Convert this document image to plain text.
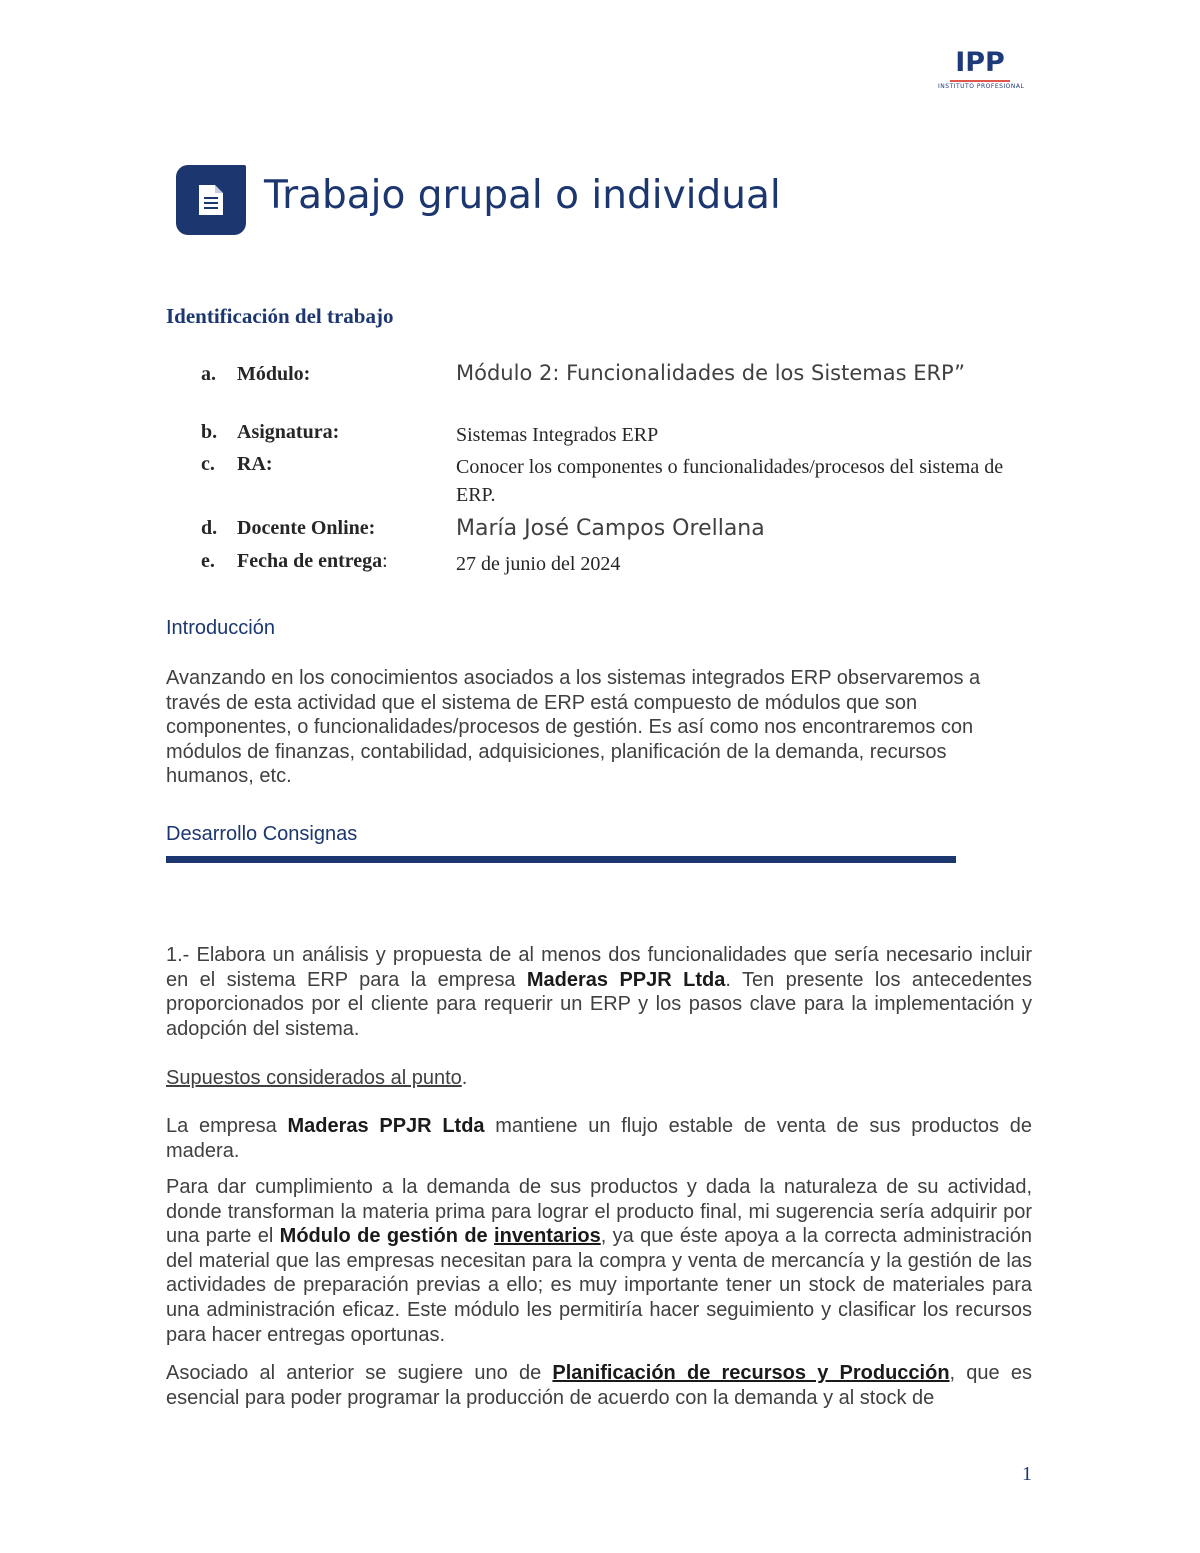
IPP
INSTITUTO PROFESIONAL
Trabajo grupal o individual
Identificación del trabajo
a. Módulo:	Módulo 2: Funcionalidades de los Sistemas ERP”
b. Asignatura:	Sistemas Integrados ERP
c. RA:	Conocer los componentes o funcionalidades/procesos del sistema de ERP.
d. Docente Online:	María José Campos Orellana
e. Fecha de entrega:	27 de junio del 2024
Introducción
Avanzando en los conocimientos asociados a los sistemas integrados ERP observaremos a través de esta actividad que el sistema de ERP está compuesto de módulos que son componentes, o funcionalidades/procesos de gestión. Es así como nos encontraremos con módulos de finanzas, contabilidad, adquisiciones, planificación de la demanda, recursos humanos, etc.
Desarrollo Consignas
1.- Elabora un análisis y propuesta de al menos dos funcionalidades que sería necesario incluir en el sistema ERP para la empresa Maderas PPJR Ltda. Ten presente los antecedentes proporcionados por el cliente para requerir un ERP y los pasos clave para la implementación y adopción del sistema.
Supuestos considerados al punto.
La empresa Maderas PPJR Ltda mantiene un flujo estable de venta de sus productos de madera.
Para dar cumplimiento a la demanda de sus productos y dada la naturaleza de su actividad, donde transforman la materia prima para lograr el producto final, mi sugerencia sería adquirir por una parte el Módulo de gestión de inventarios, ya que éste apoya a la correcta administración del material que las empresas necesitan para la compra y venta de mercancía y la gestión de las actividades de preparación previas a ello; es muy importante tener un stock de materiales para una administración eficaz. Este módulo les permitiría hacer seguimiento y clasificar los recursos para hacer entregas oportunas.
Asociado al anterior se sugiere uno de Planificación de recursos y Producción, que es esencial para poder programar la producción de acuerdo con la demanda y al stock de
1
